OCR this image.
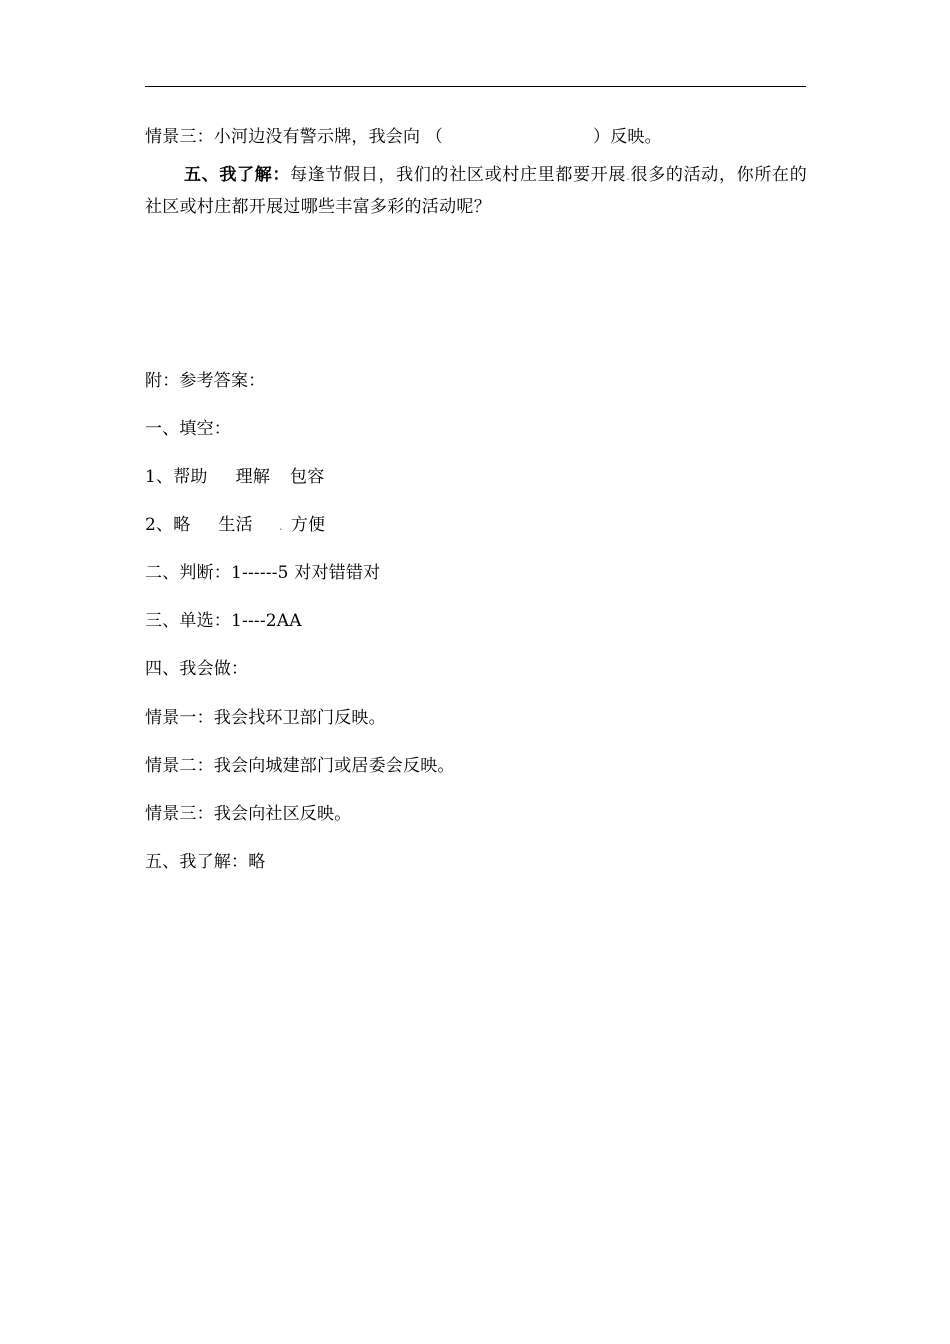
情景三：小河边没有警示牌，我会向 （	）反映。
五、我了解：每逢节假日，我们的社区或村庄里都要开展.很多的活动，你所在的社区或村庄都开展过哪些丰富多彩的活动呢？
附：参考答案：
一、填空：
1、帮助 理解 包容
2、略 生活 . 方便
二、判断：1------5 对对错错对
三、单选：1----2AA
四、我会做：
情景一：我会找环卫部门反映。
情景二：我会向城建部门或居委会反映。
情景三：我会向社区反映。
五、我了解：略
